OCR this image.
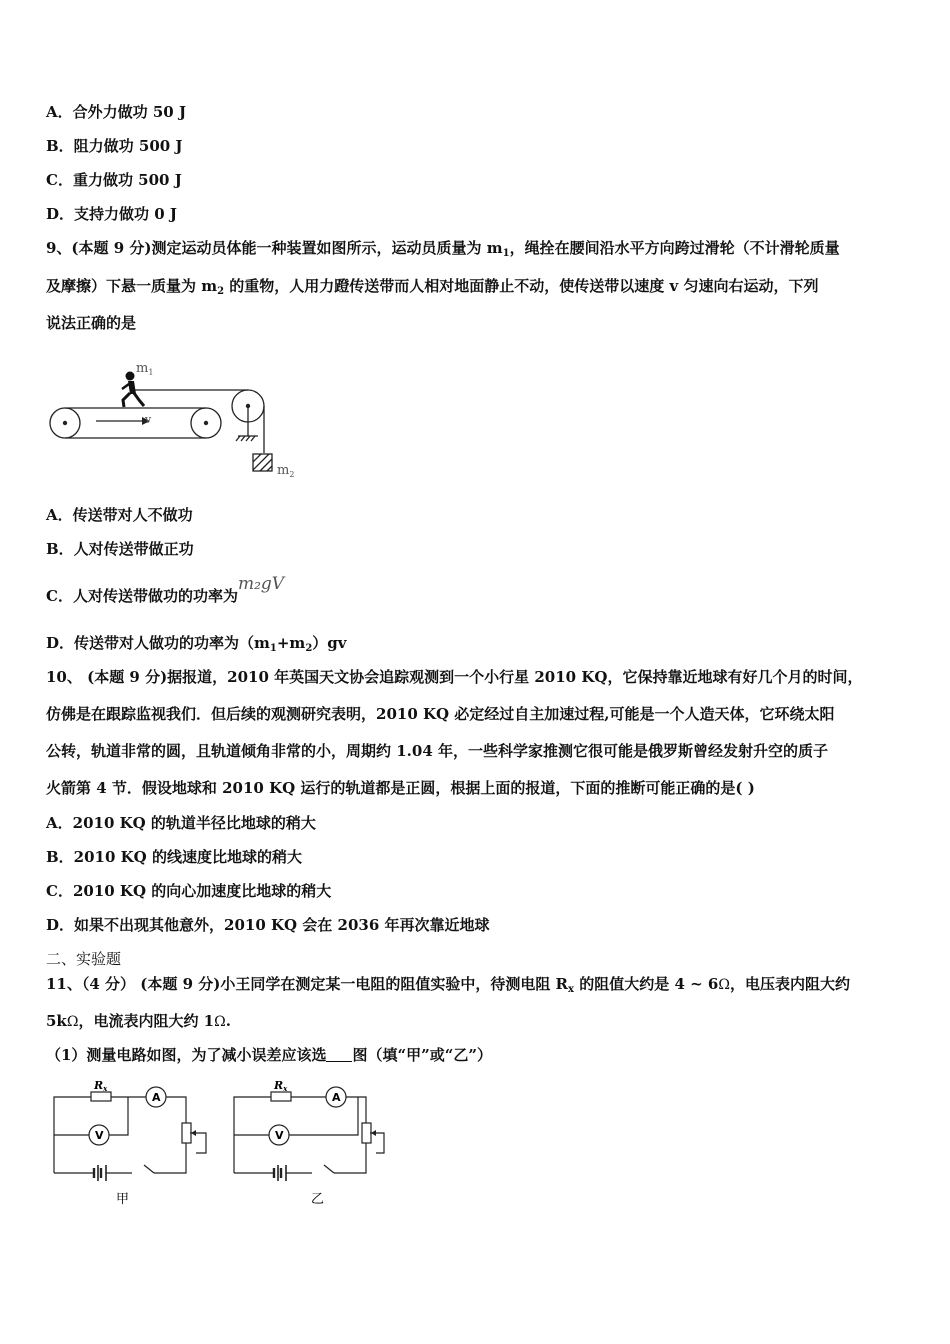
A．合外力做功 50 J
B．阻力做功 500 J
C．重力做功 500 J
D．支持力做功 0 J
9、(本题 9 分)测定运动员体能一种装置如图所示，运动员质量为 $m_1$，绳拴在腰间沿水平方向跨过滑轮（不计滑轮质量
及摩擦）下悬一质量为 $m_2$ 的重物，人用力蹬传送带而人相对地面静止不动，使传送带以速度 v 匀速向右运动，下列
说法正确的是
$m_1$
v
$m_2$
A．传送带对人不做功
B．人对传送带做正功
C．人对传送带做功的功率为m₂gV
D．传送带对人做功的功率为$(m_1+m_2)gv$
10、 (本题 9 分)据报道，2010 年英国天文协会追踪观测到一个小行星 2010 KQ，它保持靠近地球有好几个月的时间，
仿佛是在跟踪监视我们．但后续的观测研究表明，2010 KQ 必定经过自主加速过程,可能是一个人造天体，它环绕太阳
公转，轨道非常的圆，且轨道倾角非常的小，周期约 1.04 年，一些科学家推测它很可能是俄罗斯曾经发射升空的质子
火箭第 4 节．假设地球和 2010 KQ 运行的轨道都是正圆，根据上面的报道，下面的推断可能正确的是( )
A．2010 KQ 的轨道半径比地球的稍大
B．2010 KQ 的线速度比地球的稍大
C．2010 KQ 的向心加速度比地球的稍大
D．如果不出现其他意外，2010 KQ 会在 2036 年再次靠近地球
二、实验题
11、（4 分） (本题 9 分)小王同学在测定某一电阻的阻值实验中，待测电阻 $R_x$ 的阻值大约是 4 ~ 6Ω，电压表内阻大约
5kΩ，电流表内阻大约 1Ω.
（1）测量电路如图，为了减小误差应该选 图（填“甲”或“乙”）
Rx
A
V
甲
Rx
A
V
乙
